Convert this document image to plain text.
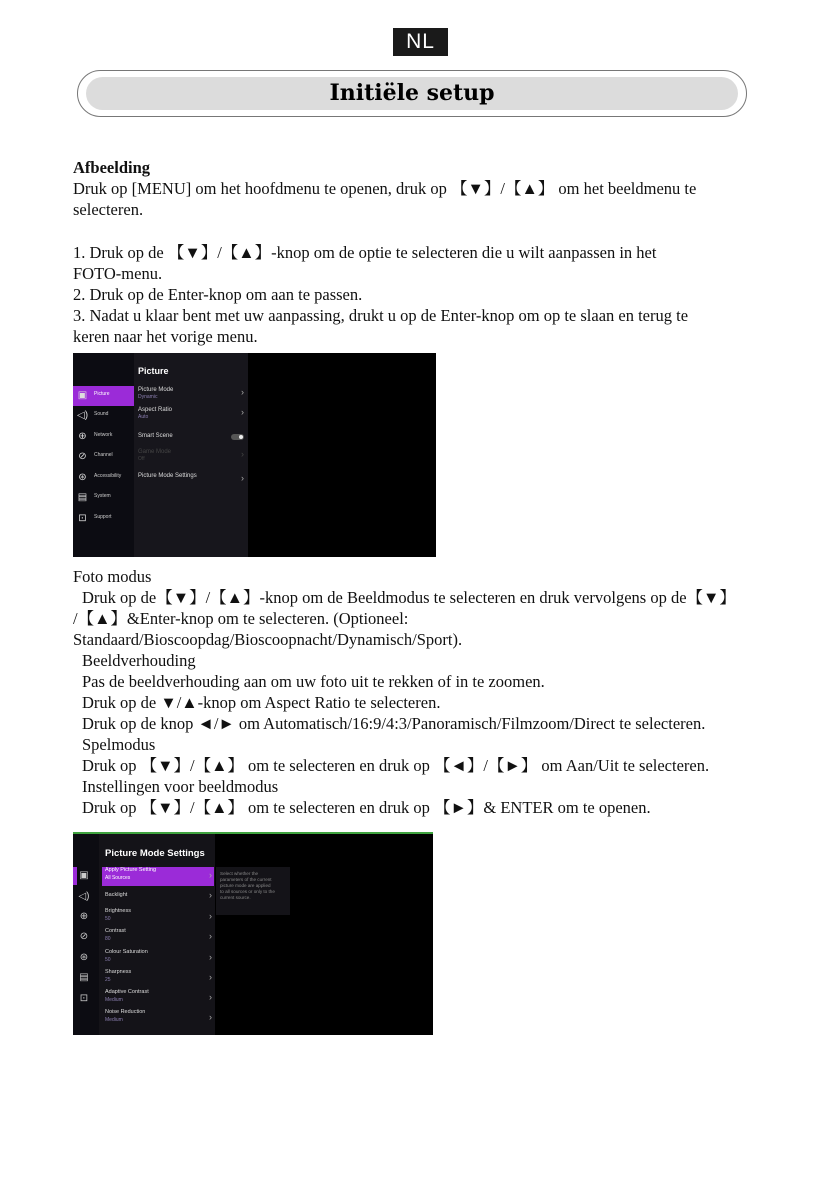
NL
Initiële setup
Afbeelding
Druk op [MENU] om het hoofdmenu te openen, druk op 【▼】/【▲】 om het beeldmenu te
selecteren.
1. Druk op de 【▼】/【▲】-knop om de optie te selecteren die u wilt aanpassen in het
FOTO-menu.
2. Druk op de Enter-knop om aan te passen.
3. Nadat u klaar bent met uw aanpassing, drukt u op de Enter-knop om op te slaan en terug te
keren naar het vorige menu.
▣ Picture
◁) Sound
⊕ Network
⊘ Channel
⊛ Accessibility
▤ System
⊡ Support
Picture
Picture Mode
Dynamic	›
Aspect Ratio
Auto	›
Smart Scene
Game Mode
Off	›
Picture Mode Settings	›
Foto modus
Druk op de【▼】/【▲】-knop om de Beeldmodus te selecteren en druk vervolgens op de【▼】
/【▲】&Enter-knop om te selecteren. (Optioneel:
Standaard/Bioscoopdag/Bioscoopnacht/Dynamisch/Sport).
Beeldverhouding
Pas de beeldverhouding aan om uw foto uit te rekken of in te zoomen.
Druk op de ▼/▲-knop om Aspect Ratio te selecteren.
Druk op de knop ◄/► om Automatisch/16:9/4:3/Panoramisch/Filmzoom/Direct te selecteren.
Spelmodus
Druk op 【▼】/【▲】 om te selecteren en druk op 【◄】/【►】 om Aan/Uit te selecteren.
Instellingen voor beeldmodus
Druk op 【▼】/【▲】 om te selecteren en druk op 【►】& ENTER om te openen.
▣
◁)
⊕
⊘
⊛
▤
⊡
Picture Mode Settings
Apply Picture Setting
All Sources	›
Backlight	›
Brightness
50	›
Contrast
80	›
Colour Saturation
50	›
Sharpness
25	›
Adaptive Contrast
Medium	›
Noise Reduction
Medium	›
Select whether the
parameters of the current
picture mode are applied
to all sources or only to the
current source.
